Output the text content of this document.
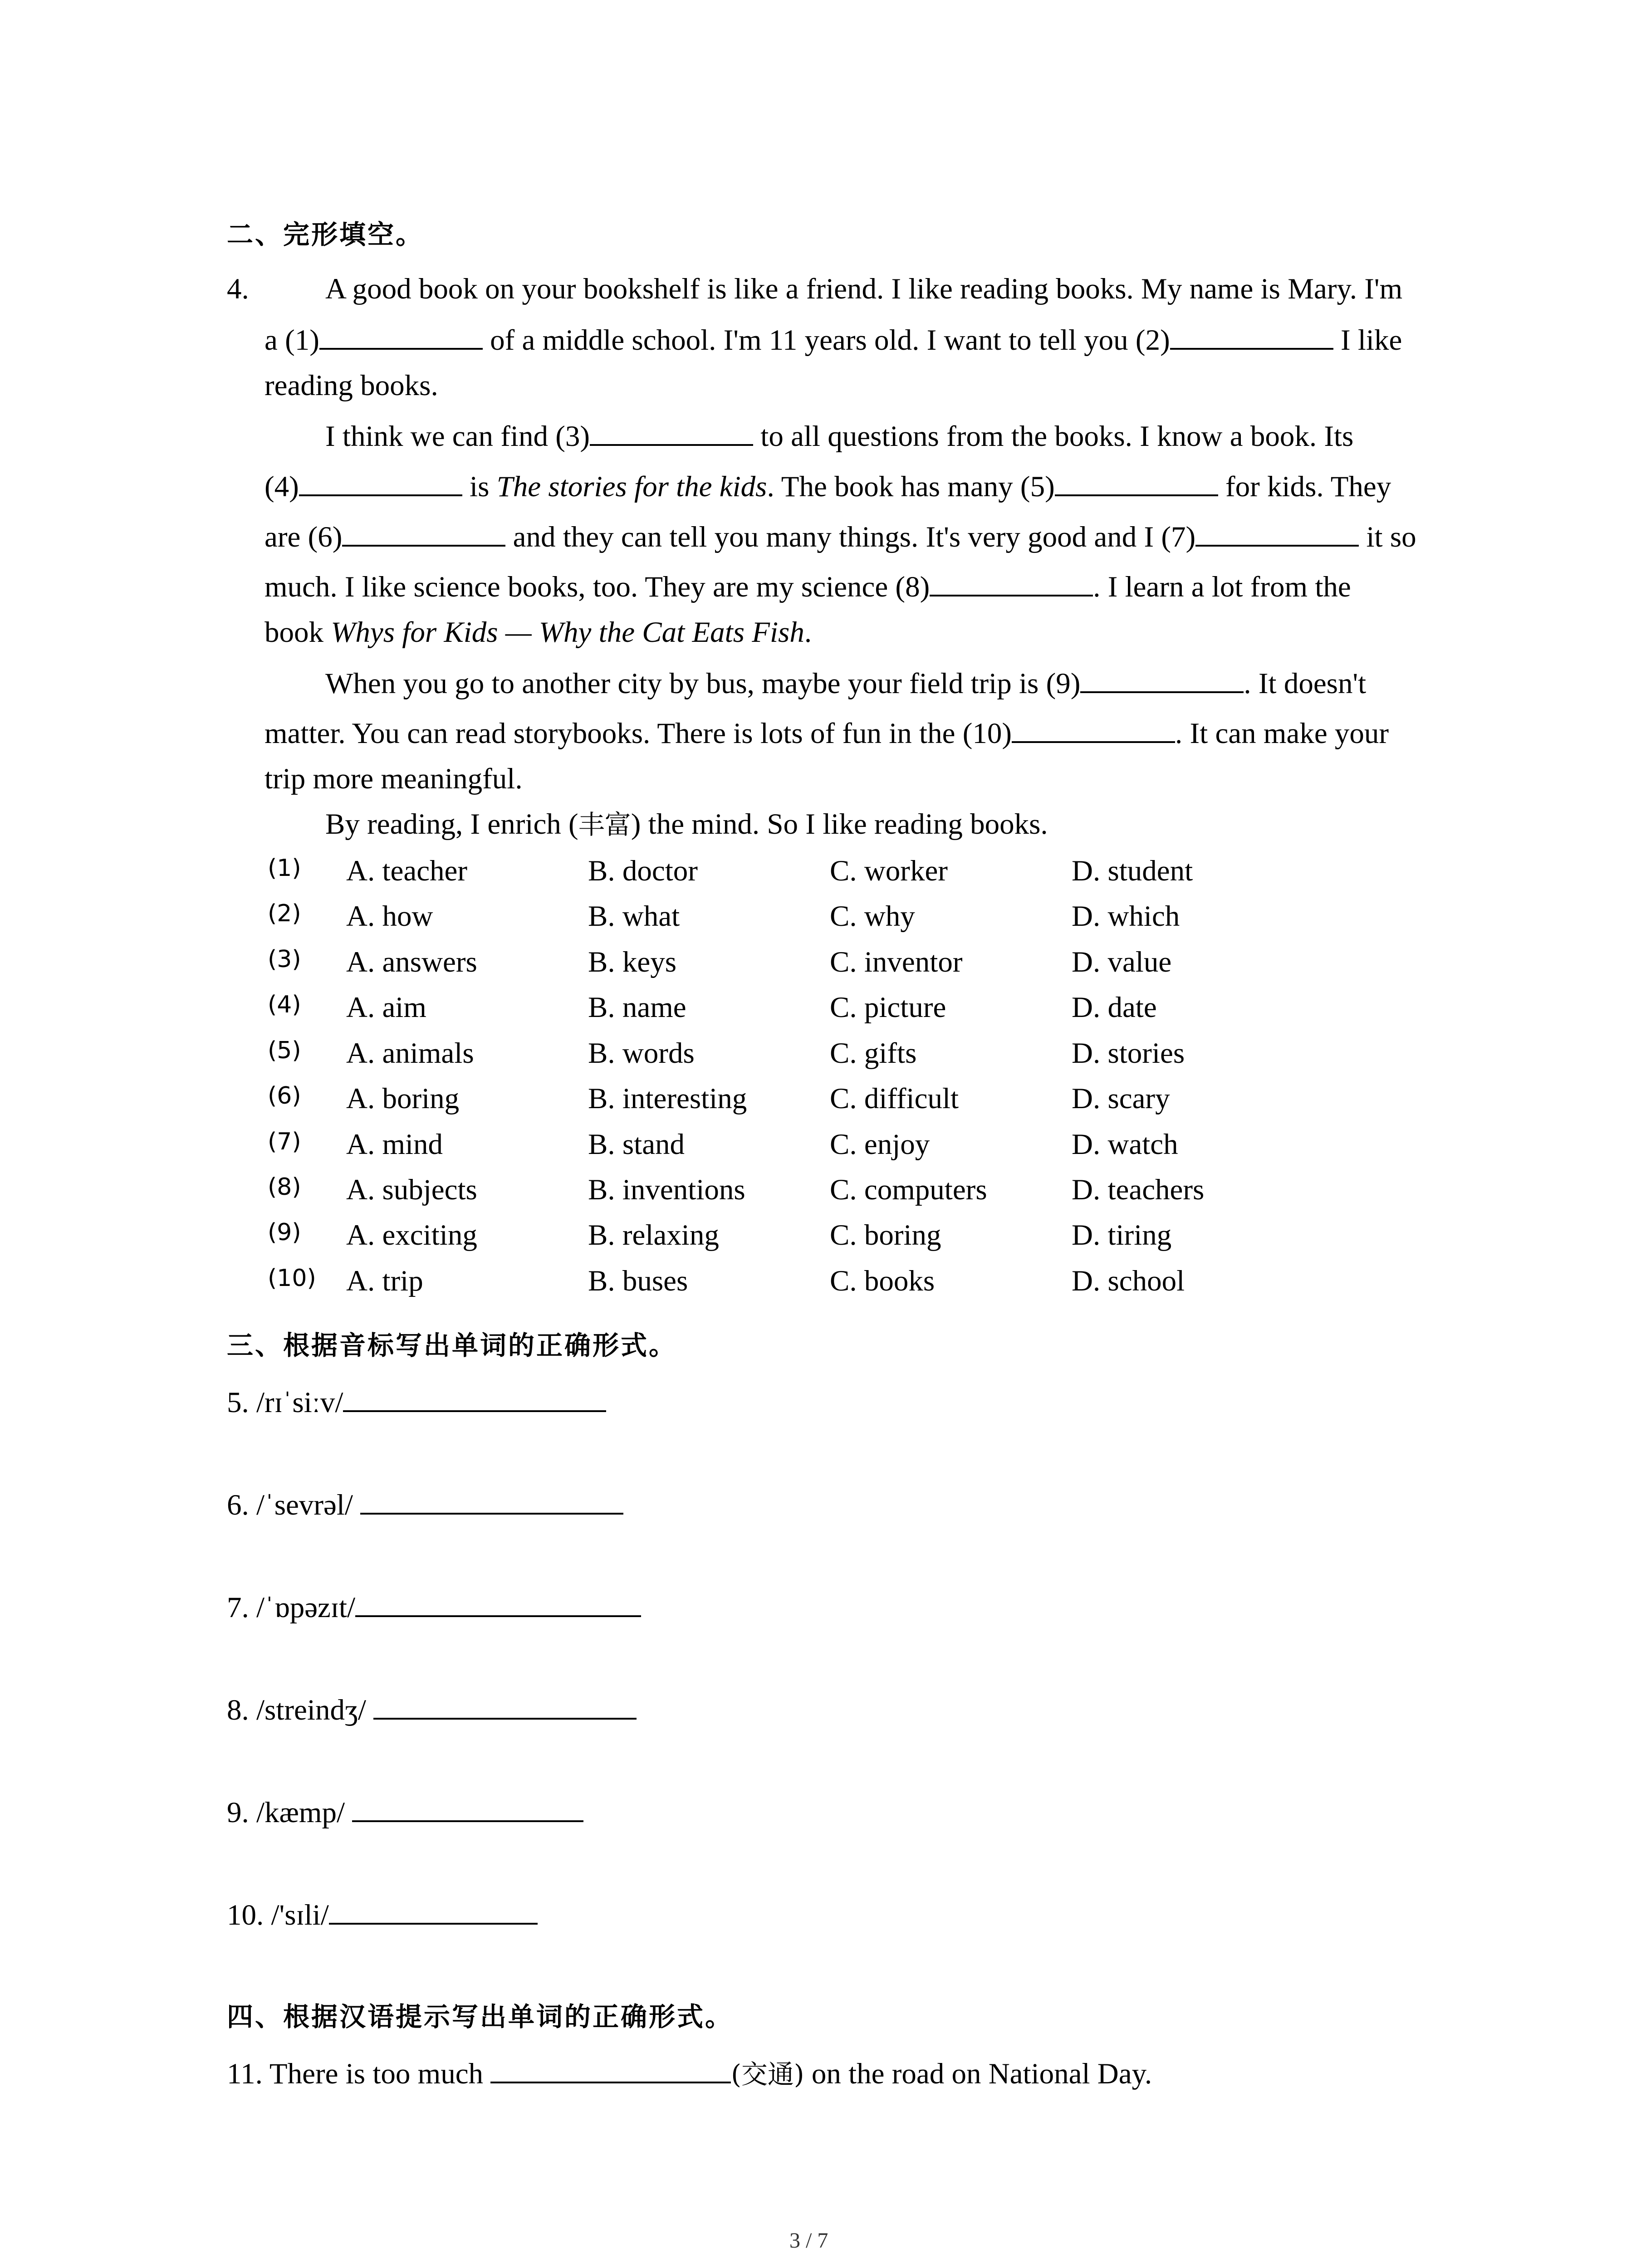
二、完形填空。
4.	A good book on your bookshelf is like a friend. I like reading books. My name is Mary. I'm
a (1)	of a middle school. I'm 11 years old. I want to tell you (2)	I like
reading books.
I think we can find (3)	to all questions from the books. I know a book. Its
(4)	is The stories for the kids. The book has many (5)	for kids. They
are (6)	and they can tell you many things. It's very good and I (7)	it so
much. I like science books, too. They are my science (8)	. I learn a lot from the
book Whys for Kids — Why the Cat Eats Fish.
When you go to another city by bus, maybe your field trip is (9)	. It doesn't
matter. You can read storybooks. There is lots of fun in the (10)	. It can make your
trip more meaningful.
By reading, I enrich (丰富) the mind. So I like reading books.
(1) A. teacher	B. doctor	C. worker	D. student
(2) A. how	B. what	C. why	D. which
(3) A. answers	B. keys	C. inventor	D. value
(4) A. aim	B. name	C. picture	D. date
(5) A. animals	B. words	C. gifts	D. stories
(6) A. boring	B. interesting	C. difficult	D. scary
(7) A. mind	B. stand	C. enjoy	D. watch
(8) A. subjects	B. inventions	C. computers	D. teachers
(9) A. exciting	B. relaxing	C. boring	D. tiring
(10) A. trip	B. buses	C. books	D. school
三、根据音标写出单词的正确形式。
5. /rɪˈsiːv/
6. /ˈsevrəl/
7. /ˈɒpəzɪt/
8. /streindʒ/
9. /kæmp/
10. /'sɪli/
四、根据汉语提示写出单词的正确形式。
11. There is too much	(交通) on the road on National Day.
3 / 7
